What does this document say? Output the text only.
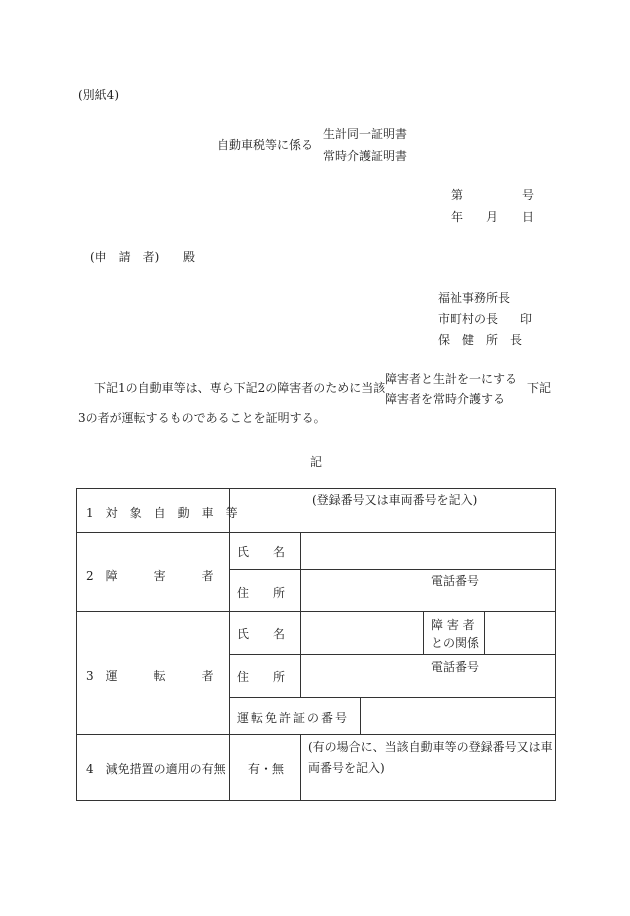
(別紙4)
自動車税等に係る
生計同一証明書
常時介護証明書
第	号
年 月 日
(申　請　者) 殿
福祉事務所長
市町村の長 印
保　健　所　長
下記1の自動車等は、専ら下記2の障害者のために当該
障害者と生計を一にする
障害者を常時介護する
下記
3の者が運転するものであることを証明する。
記
1　対　象　自　動　車　等
(登録番号又は車両番号を記入)
2　障　　　害　　　者
氏　　名
住　　所
電話番号
3　運　　　転　　　者
氏　　名
障 害 者
との関係
住　　所
電話番号
運転免許証の番号
4　減免措置の適用の有無 有・無
(有の場合に、当該自動車等の登録番号又は車
両番号を記入)
